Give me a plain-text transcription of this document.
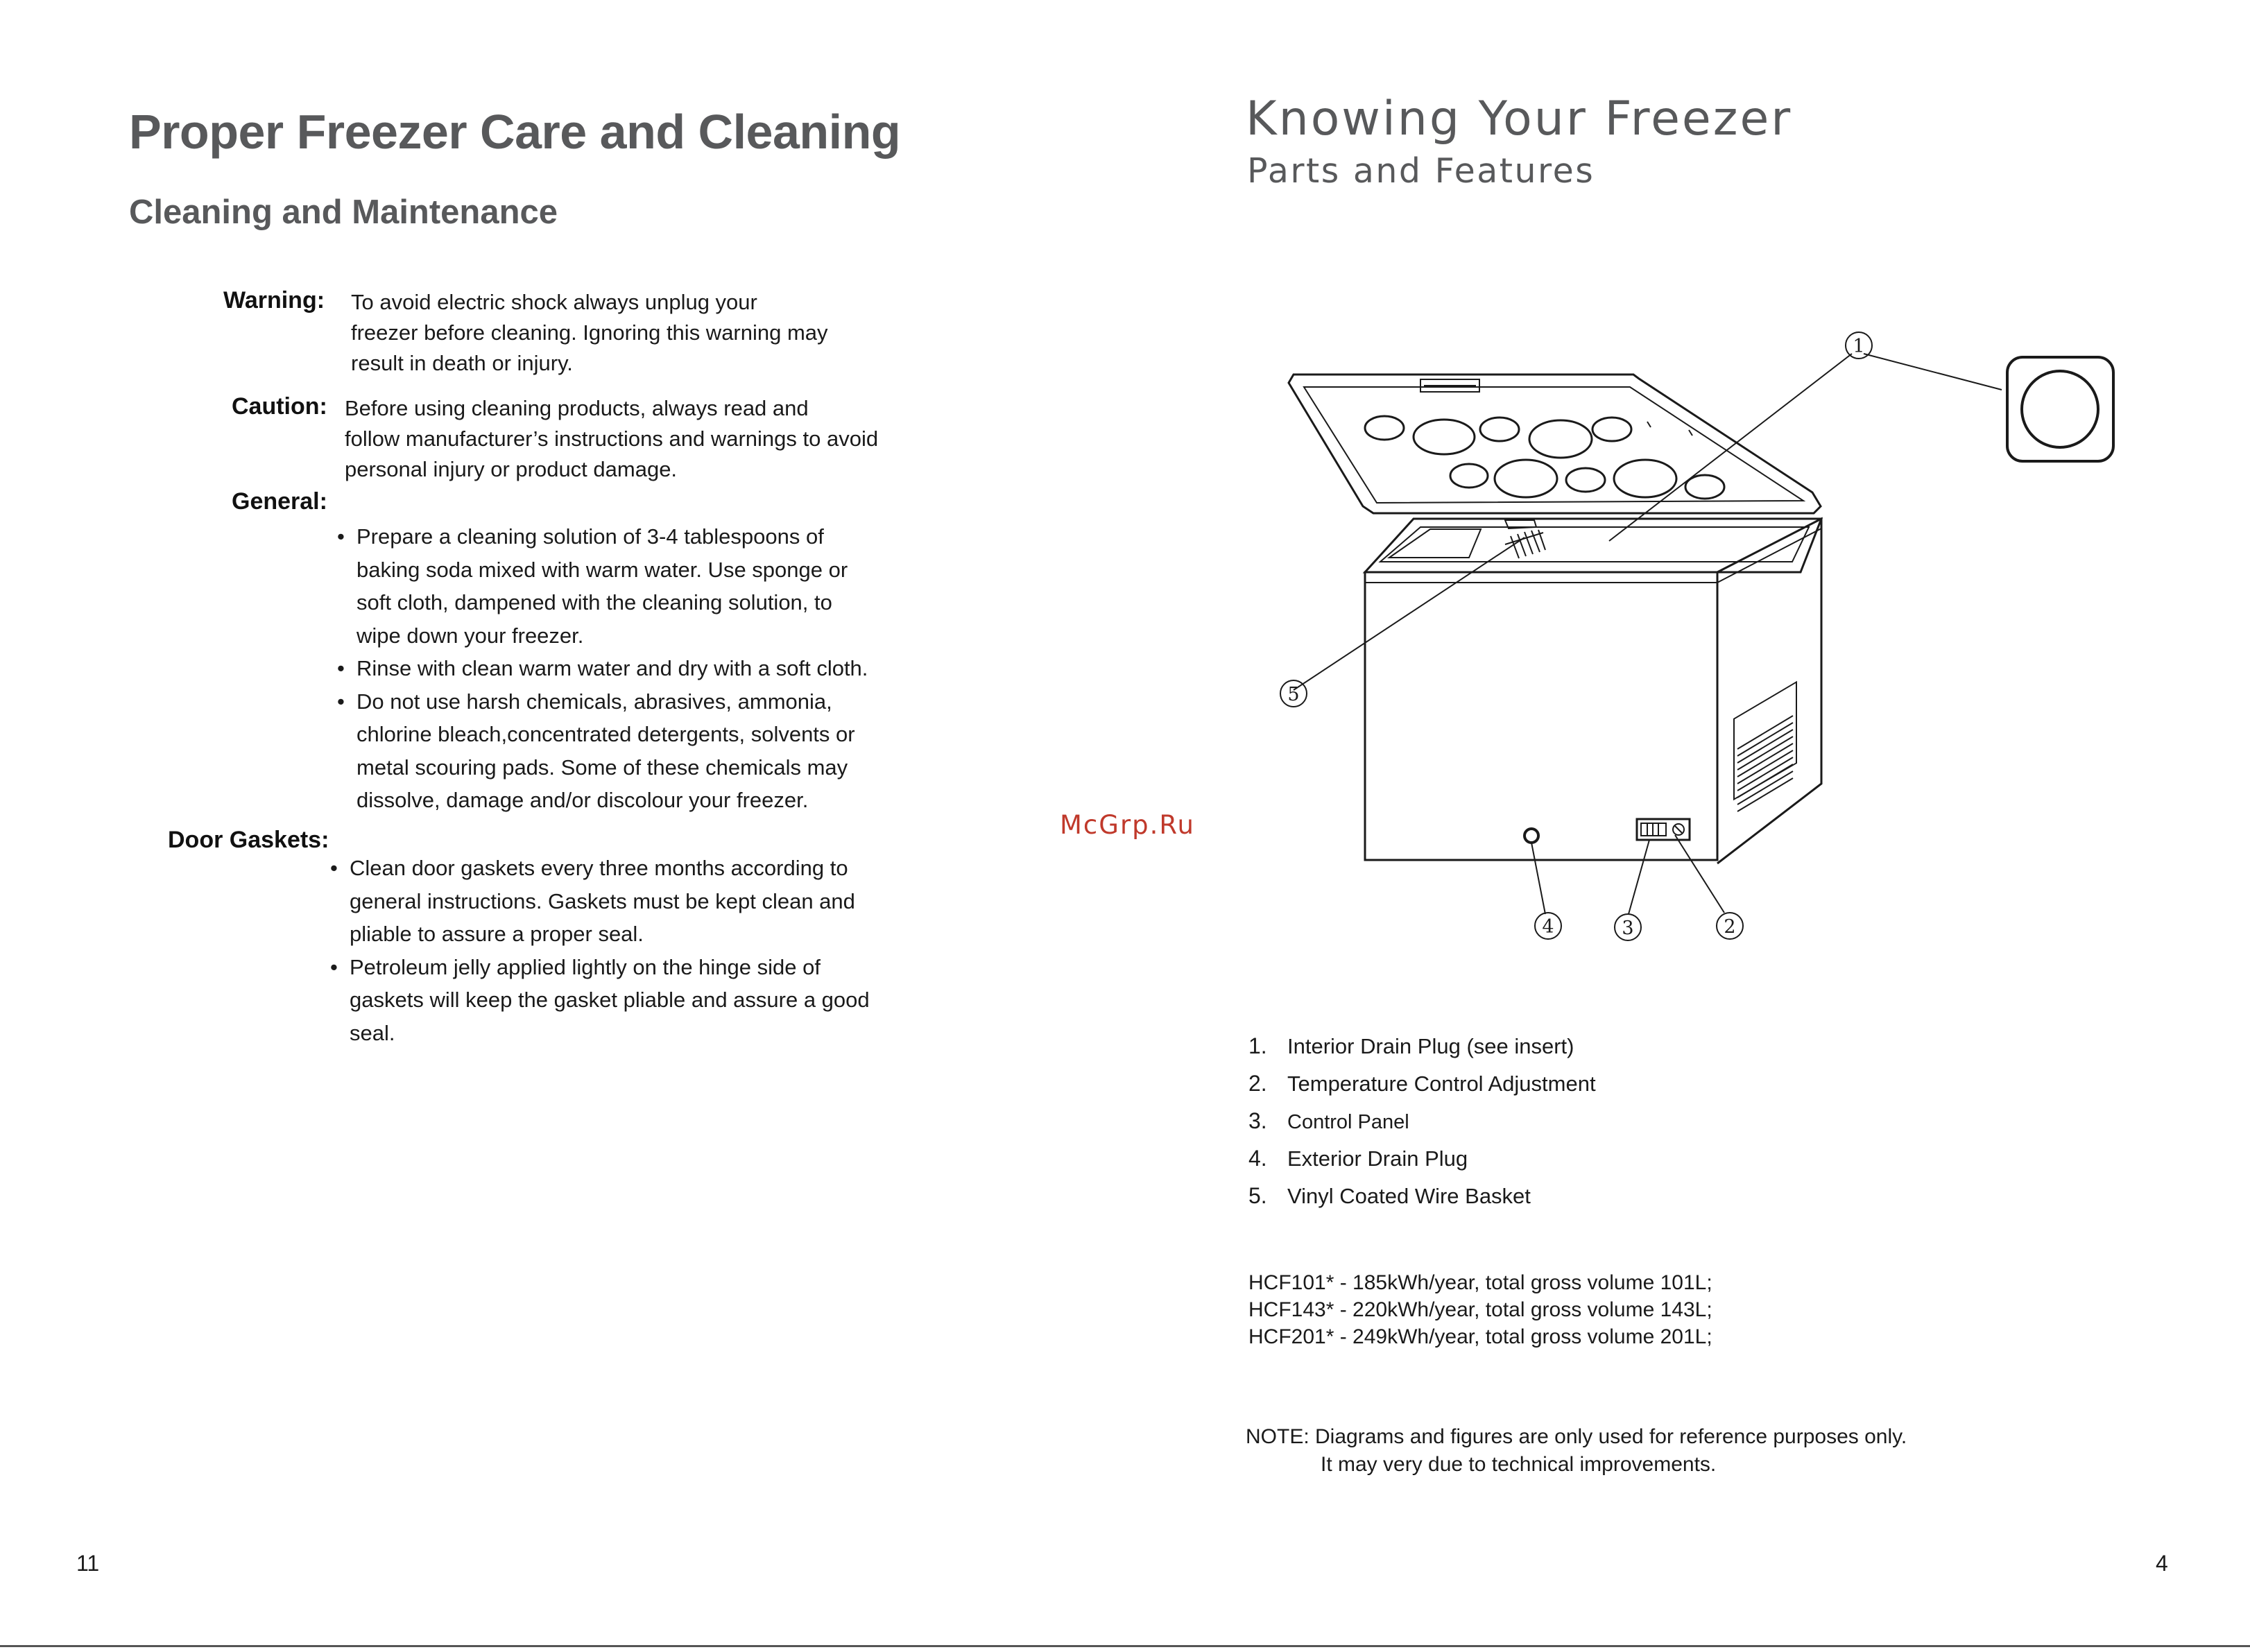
Proper Freezer Care and Cleaning
Cleaning and Maintenance
Warning: To avoid electric shock always unplug your
freezer before cleaning. Ignoring this warning may
result in death or injury.
Caution: Before using cleaning products, always read and
follow manufacturer’s instructions and warnings to avoid
personal injury or product damage.
General:
• Prepare a cleaning solution of 3-4 tablespoons of
baking soda mixed with warm water. Use sponge or
soft cloth, dampened with the cleaning solution, to
wipe down your freezer.
• Rinse with clean warm water and dry with a soft cloth.
• Do not use harsh chemicals, abrasives, ammonia,
chlorine bleach,concentrated detergents, solvents or
metal scouring pads. Some of these chemicals may
dissolve, damage and/or discolour your freezer.
Door Gaskets:
• Clean door gaskets every three months according to
general instructions. Gaskets must be kept clean and
pliable to assure a proper seal.
• Petroleum jelly applied lightly on the hinge side of
gaskets will keep the gasket pliable and assure a good
seal.
11
McGrp.Ru
Knowing Your Freezer
Parts and Features
1
2
3
4
5
1. Interior Drain Plug (see insert)
2. Temperature Control Adjustment
3. Control Panel
4. Exterior Drain Plug
5. Vinyl Coated Wire Basket
HCF101* - 185kWh/year, total gross volume 101L;
HCF143* - 220kWh/year, total gross volume 143L;
HCF201* - 249kWh/year, total gross volume 201L;
NOTE: Diagrams and figures are only used for reference purposes only.
It may very due to technical improvements.
4
